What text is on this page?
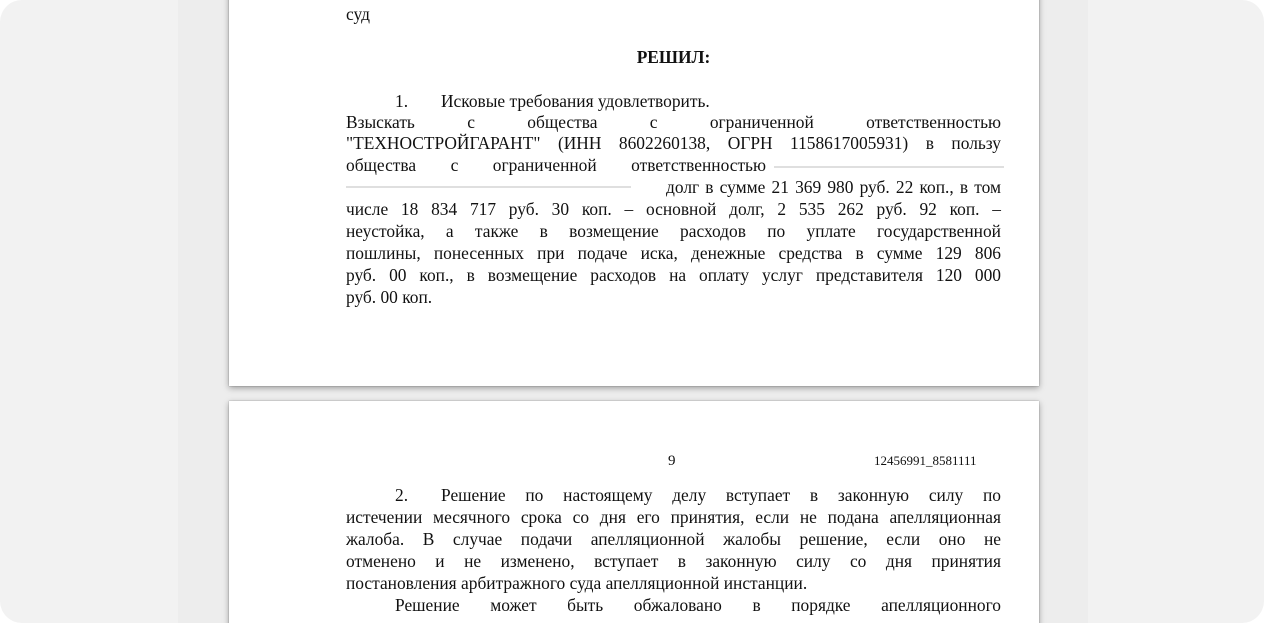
суд
РЕШИЛ:
1. Исковые требования удовлетворить.
Взыскать с общества с ограниченной ответственностью
"ТЕХНОСТРОЙГАРАНТ" (ИНН 8602260138, ОГРН 1158617005931) в пользу
общества с ограниченной ответственностью
долг в сумме 21 369 980 руб. 22 коп., в том
числе 18 834 717 руб. 30 коп. – основной долг, 2 535 262 руб. 92 коп. –
неустойка, а также в возмещение расходов по уплате государственной
пошлины, понесенных при подаче иска, денежные средства в сумме 129 806
руб. 00 коп., в возмещение расходов на оплату услуг представителя 120 000
руб. 00 коп.
9	12456991_8581111
2. Решение по настоящему делу вступает в законную силу по
истечении месячного срока со дня его принятия, если не подана апелляционная
жалоба. В случае подачи апелляционной жалобы решение, если оно не
отменено и не изменено, вступает в законную силу со дня принятия
постановления арбитражного суда апелляционной инстанции.
Решение может быть обжаловано в порядке апелляционного
